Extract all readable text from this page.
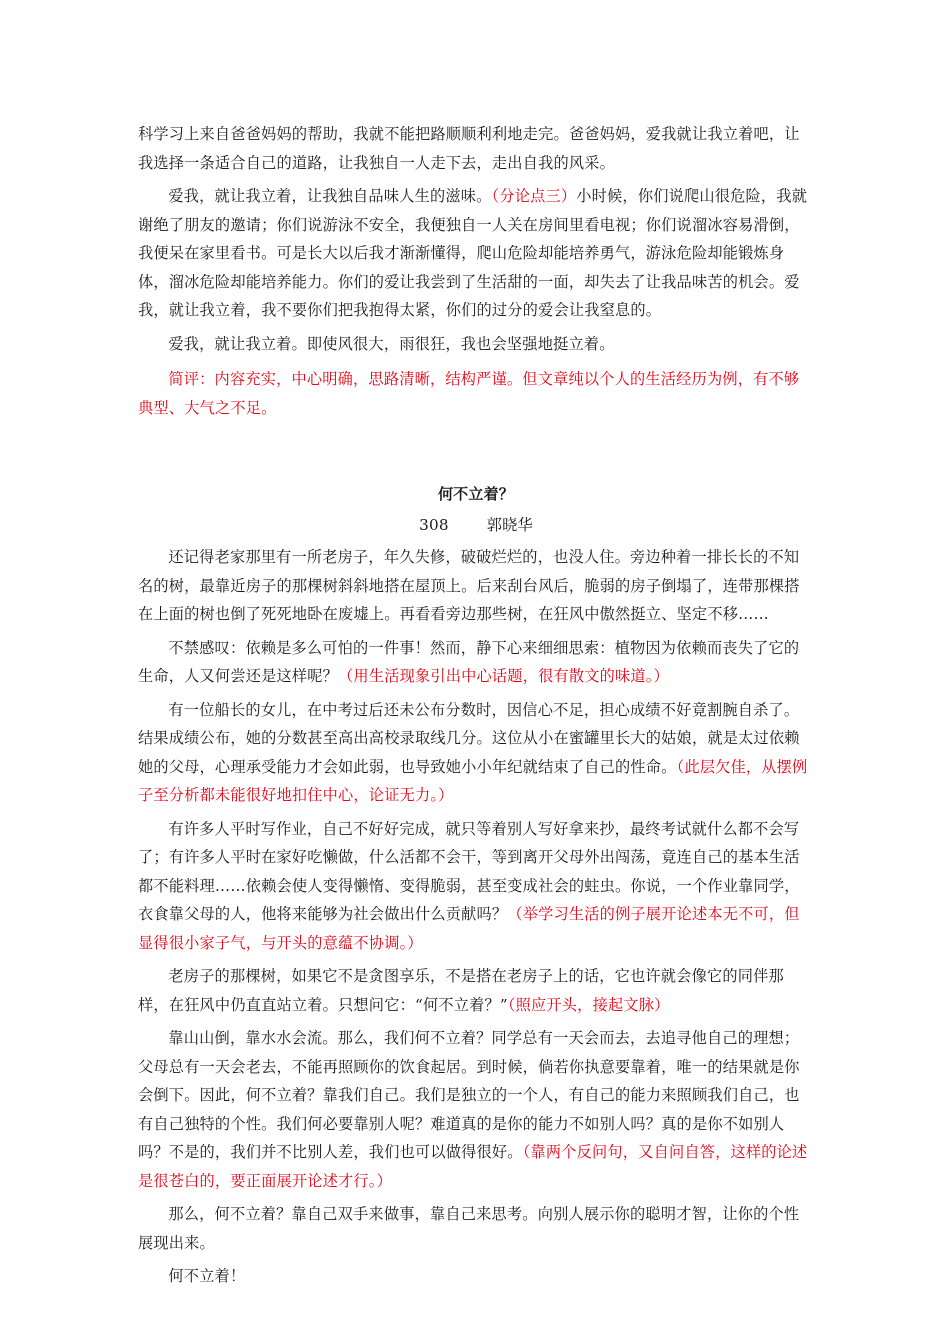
科学习上来自爸爸妈妈的帮助，我就不能把路顺顺利利地走完。爸爸妈妈，爱我就让我立着吧，让我选择一条适合自己的道路，让我独自一人走下去，走出自我的风采。

爱我，就让我立着，让我独自品味人生的滋味。（分论点三）小时候，你们说爬山很危险，我就谢绝了朋友的邀请；你们说游泳不安全，我便独自一人关在房间里看电视；你们说溜冰容易滑倒，我便呆在家里看书。可是长大以后我才渐渐懂得，爬山危险却能培养勇气，游泳危险却能锻炼身体，溜冰危险却能培养能力。你们的爱让我尝到了生活甜的一面，却失去了让我品味苦的机会。爱我，就让我立着，我不要你们把我抱得太紧，你们的过分的爱会让我窒息的。

爱我，就让我立着。即使风很大，雨很狂，我也会坚强地挺立着。

简评：内容充实，中心明确，思路清晰，结构严谨。但文章纯以个人的生活经历为例，有不够典型、大气之不足。

何不立着？
308	郭晓华

还记得老家那里有一所老房子，年久失修，破破烂烂的，也没人住。旁边种着一排长长的不知名的树，最靠近房子的那棵树斜斜地搭在屋顶上。后来刮台风后，脆弱的房子倒塌了，连带那棵搭在上面的树也倒了死死地卧在废墟上。再看看旁边那些树，在狂风中傲然挺立、坚定不移……

不禁感叹：依赖是多么可怕的一件事！然而，静下心来细细思索：植物因为依赖而丧失了它的生命，人又何尝还是这样呢？（用生活现象引出中心话题，很有散文的味道。）

有一位船长的女儿，在中考过后还未公布分数时，因信心不足，担心成绩不好竟割腕自杀了。结果成绩公布，她的分数甚至高出高校录取线几分。这位从小在蜜罐里长大的姑娘，就是太过依赖她的父母，心理承受能力才会如此弱，也导致她小小年纪就结束了自己的性命。（此层欠佳，从摆例子至分析都未能很好地扣住中心，论证无力。）

有许多人平时写作业，自己不好好完成，就只等着别人写好拿来抄，最终考试就什么都不会写了；有许多人平时在家好吃懒做，什么活都不会干，等到离开父母外出闯荡，竟连自己的基本生活都不能料理……依赖会使人变得懒惰、变得脆弱，甚至变成社会的蛀虫。你说，一个作业靠同学，衣食靠父母的人，他将来能够为社会做出什么贡献吗？（举学习生活的例子展开论述本无不可，但显得很小家子气，与开头的意蕴不协调。）

老房子的那棵树，如果它不是贪图享乐，不是搭在老房子上的话，它也许就会像它的同伴那样，在狂风中仍直直站立着。只想问它：“何不立着？”（照应开头，接起文脉）

靠山山倒，靠水水会流。那么，我们何不立着？同学总有一天会而去，去追寻他自己的理想；父母总有一天会老去，不能再照顾你的饮食起居。到时候，倘若你执意要靠着，唯一的结果就是你会倒下。因此，何不立着？靠我们自己。我们是独立的一个人，有自己的能力来照顾我们自己，也有自己独特的个性。我们何必要靠别人呢？难道真的是你的能力不如别人吗？真的是你不如别人吗？不是的，我们并不比别人差，我们也可以做得很好。（靠两个反问句，又自问自答，这样的论述是很苍白的，要正面展开论述才行。）

那么，何不立着？靠自己双手来做事，靠自己来思考。向别人展示你的聪明才智，让你的个性展现出来。

何不立着！
